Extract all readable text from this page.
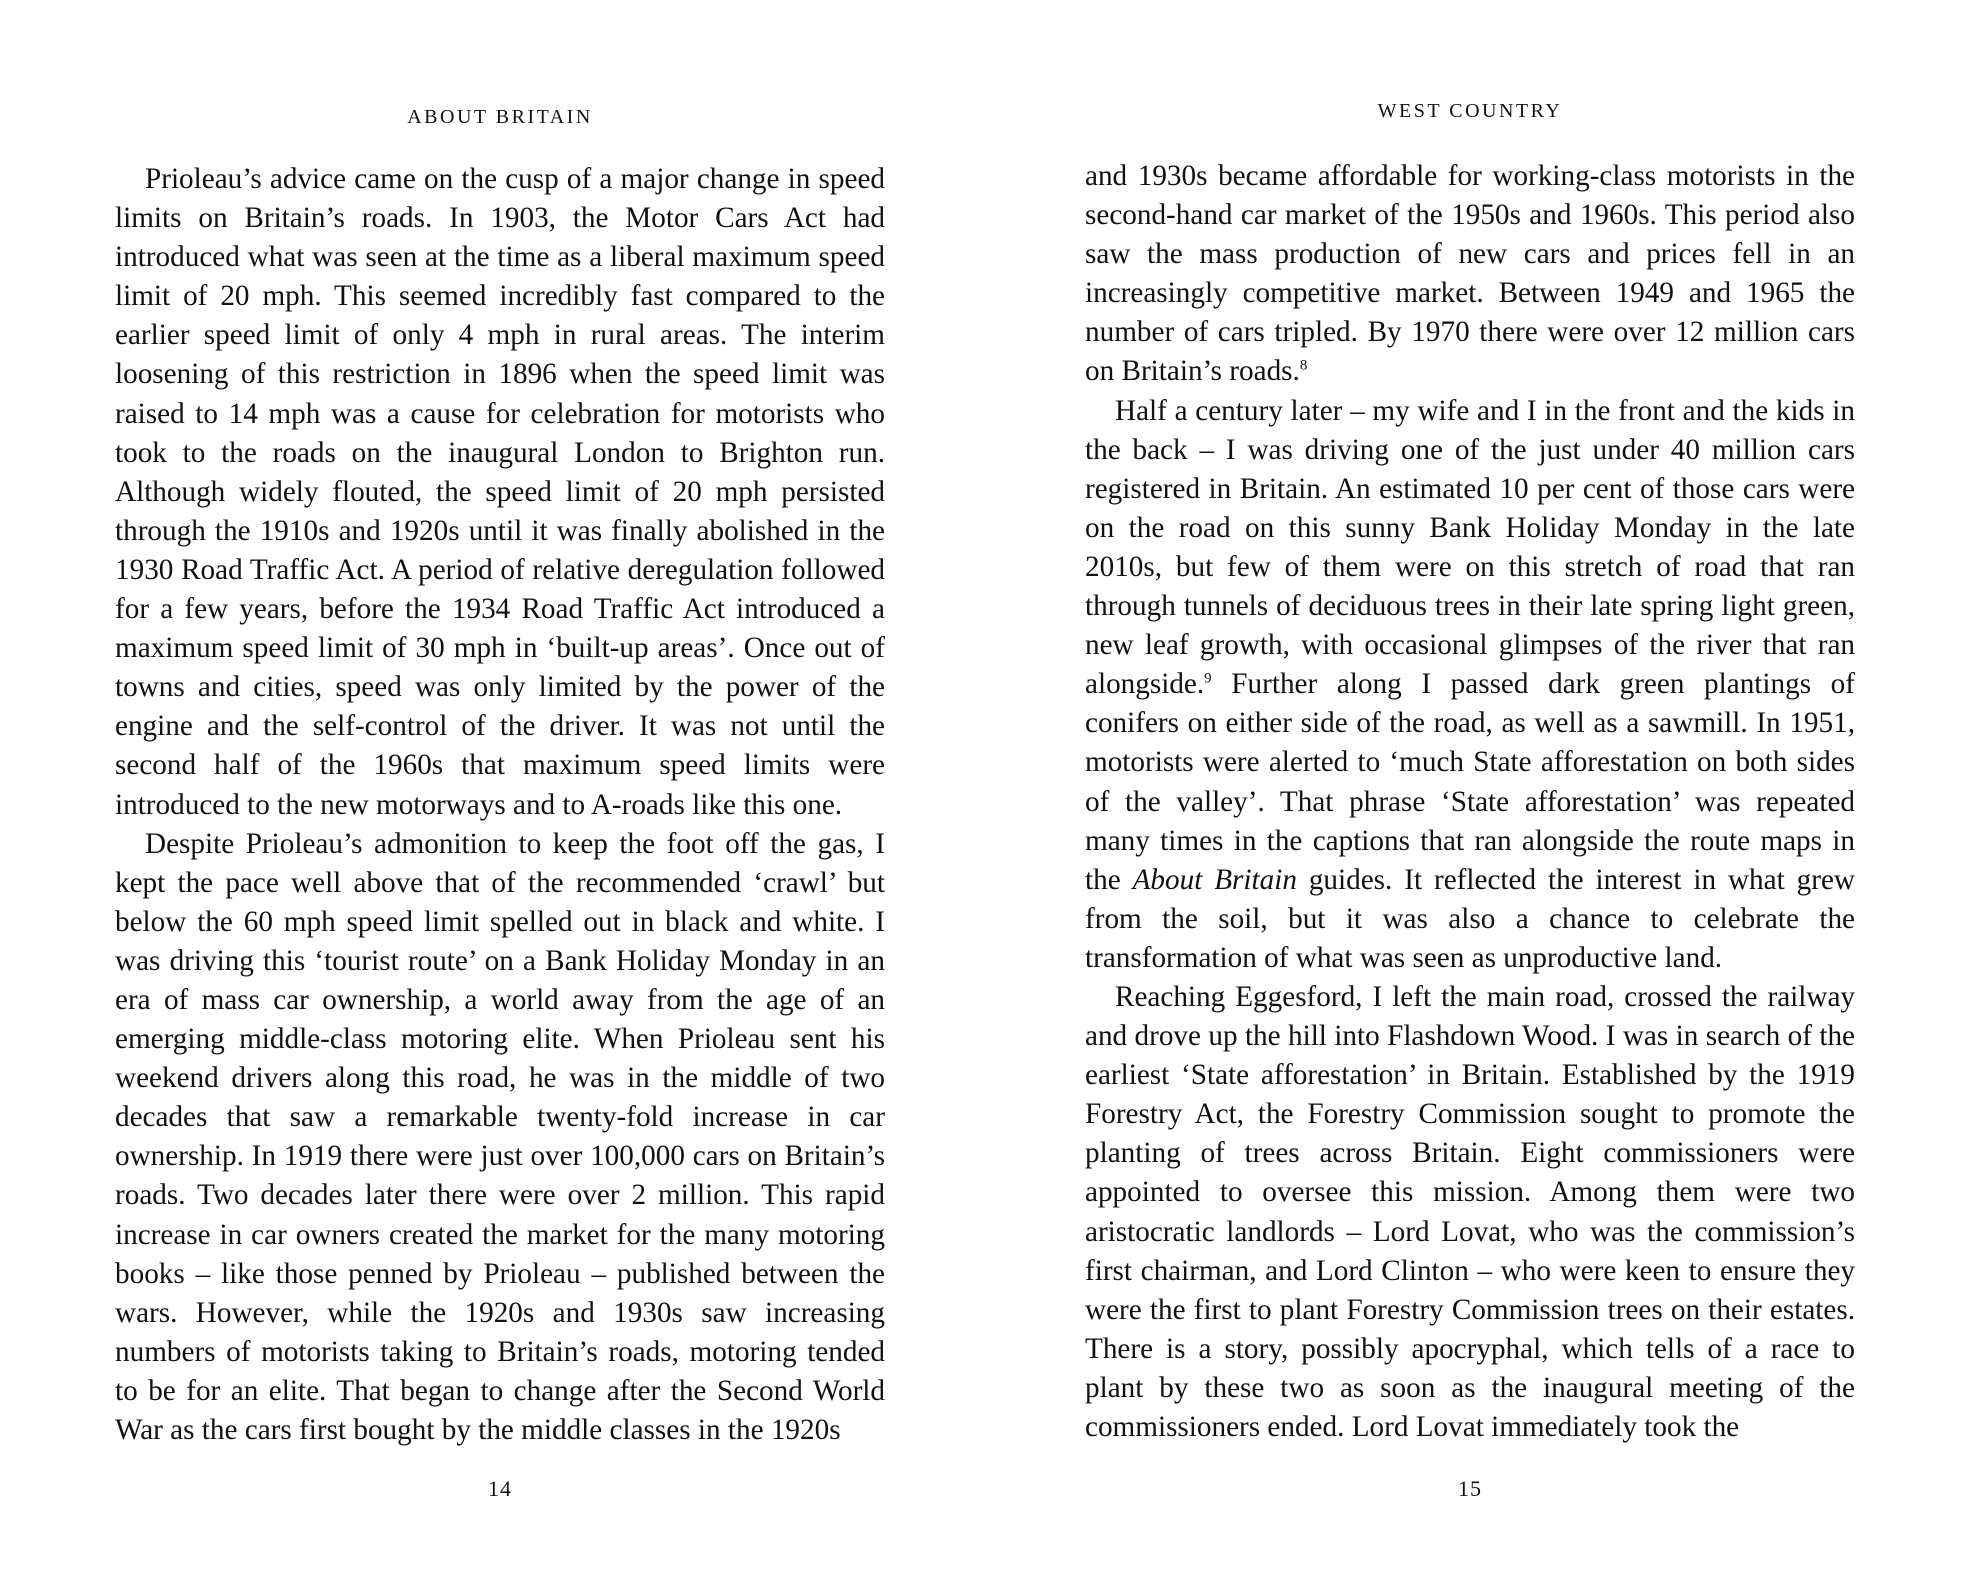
ABOUT BRITAIN

Prioleau’s advice came on the cusp of a major change in speed limits on Britain’s roads. In 1903, the Motor Cars Act had introduced what was seen at the time as a liberal maximum speed limit of 20 mph. This seemed incredibly fast compared to the earlier speed limit of only 4 mph in rural areas. The interim loosening of this restriction in 1896 when the speed limit was raised to 14 mph was a cause for celebration for motorists who took to the roads on the inaugural London to Brighton run. Although widely flouted, the speed limit of 20 mph persisted through the 1910s and 1920s until it was finally abolished in the 1930 Road Traffic Act. A period of relative deregulation followed for a few years, before the 1934 Road Traffic Act introduced a maximum speed limit of 30 mph in ‘built-up areas’. Once out of towns and cities, speed was only limited by the power of the engine and the self-control of the driver. It was not until the second half of the 1960s that maximum speed limits were introduced to the new motorways and to A-roads like this one.

Despite Prioleau’s admonition to keep the foot off the gas, I kept the pace well above that of the recommended ‘crawl’ but below the 60 mph speed limit spelled out in black and white. I was driving this ‘tourist route’ on a Bank Holiday Monday in an era of mass car ownership, a world away from the age of an emerging middle-class motoring elite. When Prioleau sent his weekend drivers along this road, he was in the middle of two decades that saw a remarkable twenty-fold increase in car ownership. In 1919 there were just over 100,000 cars on Britain’s roads. Two decades later there were over 2 million. This rapid increase in car owners created the market for the many motoring books – like those penned by Prioleau – published between the wars. However, while the 1920s and 1930s saw increasing numbers of motorists taking to Britain’s roads, motoring tended to be for an elite. That began to change after the Second World War as the cars first bought by the middle classes in the 1920s

14
WEST COUNTRY

and 1930s became affordable for working-class motorists in the second-hand car market of the 1950s and 1960s. This period also saw the mass production of new cars and prices fell in an increasingly competitive market. Between 1949 and 1965 the number of cars tripled. By 1970 there were over 12 million cars on Britain’s roads.$^8$

Half a century later – my wife and I in the front and the kids in the back – I was driving one of the just under 40 million cars registered in Britain. An estimated 10 per cent of those cars were on the road on this sunny Bank Holiday Monday in the late 2010s, but few of them were on this stretch of road that ran through tunnels of deciduous trees in their late spring light green, new leaf growth, with occasional glimpses of the river that ran alongside.$^9$ Further along I passed dark green plantings of conifers on either side of the road, as well as a sawmill. In 1951, motorists were alerted to ‘much State afforestation on both sides of the valley’. That phrase ‘State afforestation’ was repeated many times in the captions that ran alongside the route maps in the About Britain guides. It reflected the interest in what grew from the soil, but it was also a chance to celebrate the transformation of what was seen as unproductive land.

Reaching Eggesford, I left the main road, crossed the railway and drove up the hill into Flashdown Wood. I was in search of the earliest ‘State afforestation’ in Britain. Established by the 1919 Forestry Act, the Forestry Commission sought to promote the planting of trees across Britain. Eight commissioners were appointed to oversee this mission. Among them were two aristocratic landlords – Lord Lovat, who was the commission’s first chairman, and Lord Clinton – who were keen to ensure they were the first to plant Forestry Commission trees on their estates. There is a story, possibly apocryphal, which tells of a race to plant by these two as soon as the inaugural meeting of the commissioners ended. Lord Lovat immediately took the

15
